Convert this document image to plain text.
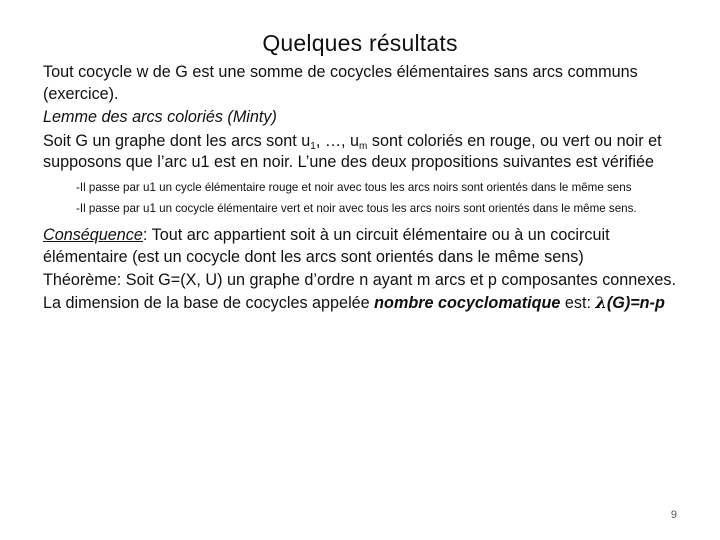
Quelques résultats

Tout cocycle w de G est une somme de cocycles élémentaires sans arcs communs (exercice).

Lemme des arcs coloriés (Minty)

Soit G un graphe dont les arcs sont $u_1$, …, $u_m$ sont coloriés en rouge, ou vert ou noir et supposons que l’arc u1 est en noir. L’une des deux propositions suivantes est vérifiée

-Il passe par u1 un cycle élémentaire rouge et noir avec tous les arcs noirs sont orientés dans le même sens

-Il passe par u1 un cocycle élémentaire vert et noir avec tous les arcs noirs sont orientés dans le même sens.

Conséquence: Tout arc appartient soit à un circuit élémentaire ou à un cocircuit élémentaire (est un cocycle dont les arcs sont orientés dans le même sens)

Théorème: Soit G=(X, U) un graphe d’ordre n ayant m arcs et p composantes connexes. La dimension de la base de cocycles appelée nombre cocyclomatique est: λ(G)=n-p

9
